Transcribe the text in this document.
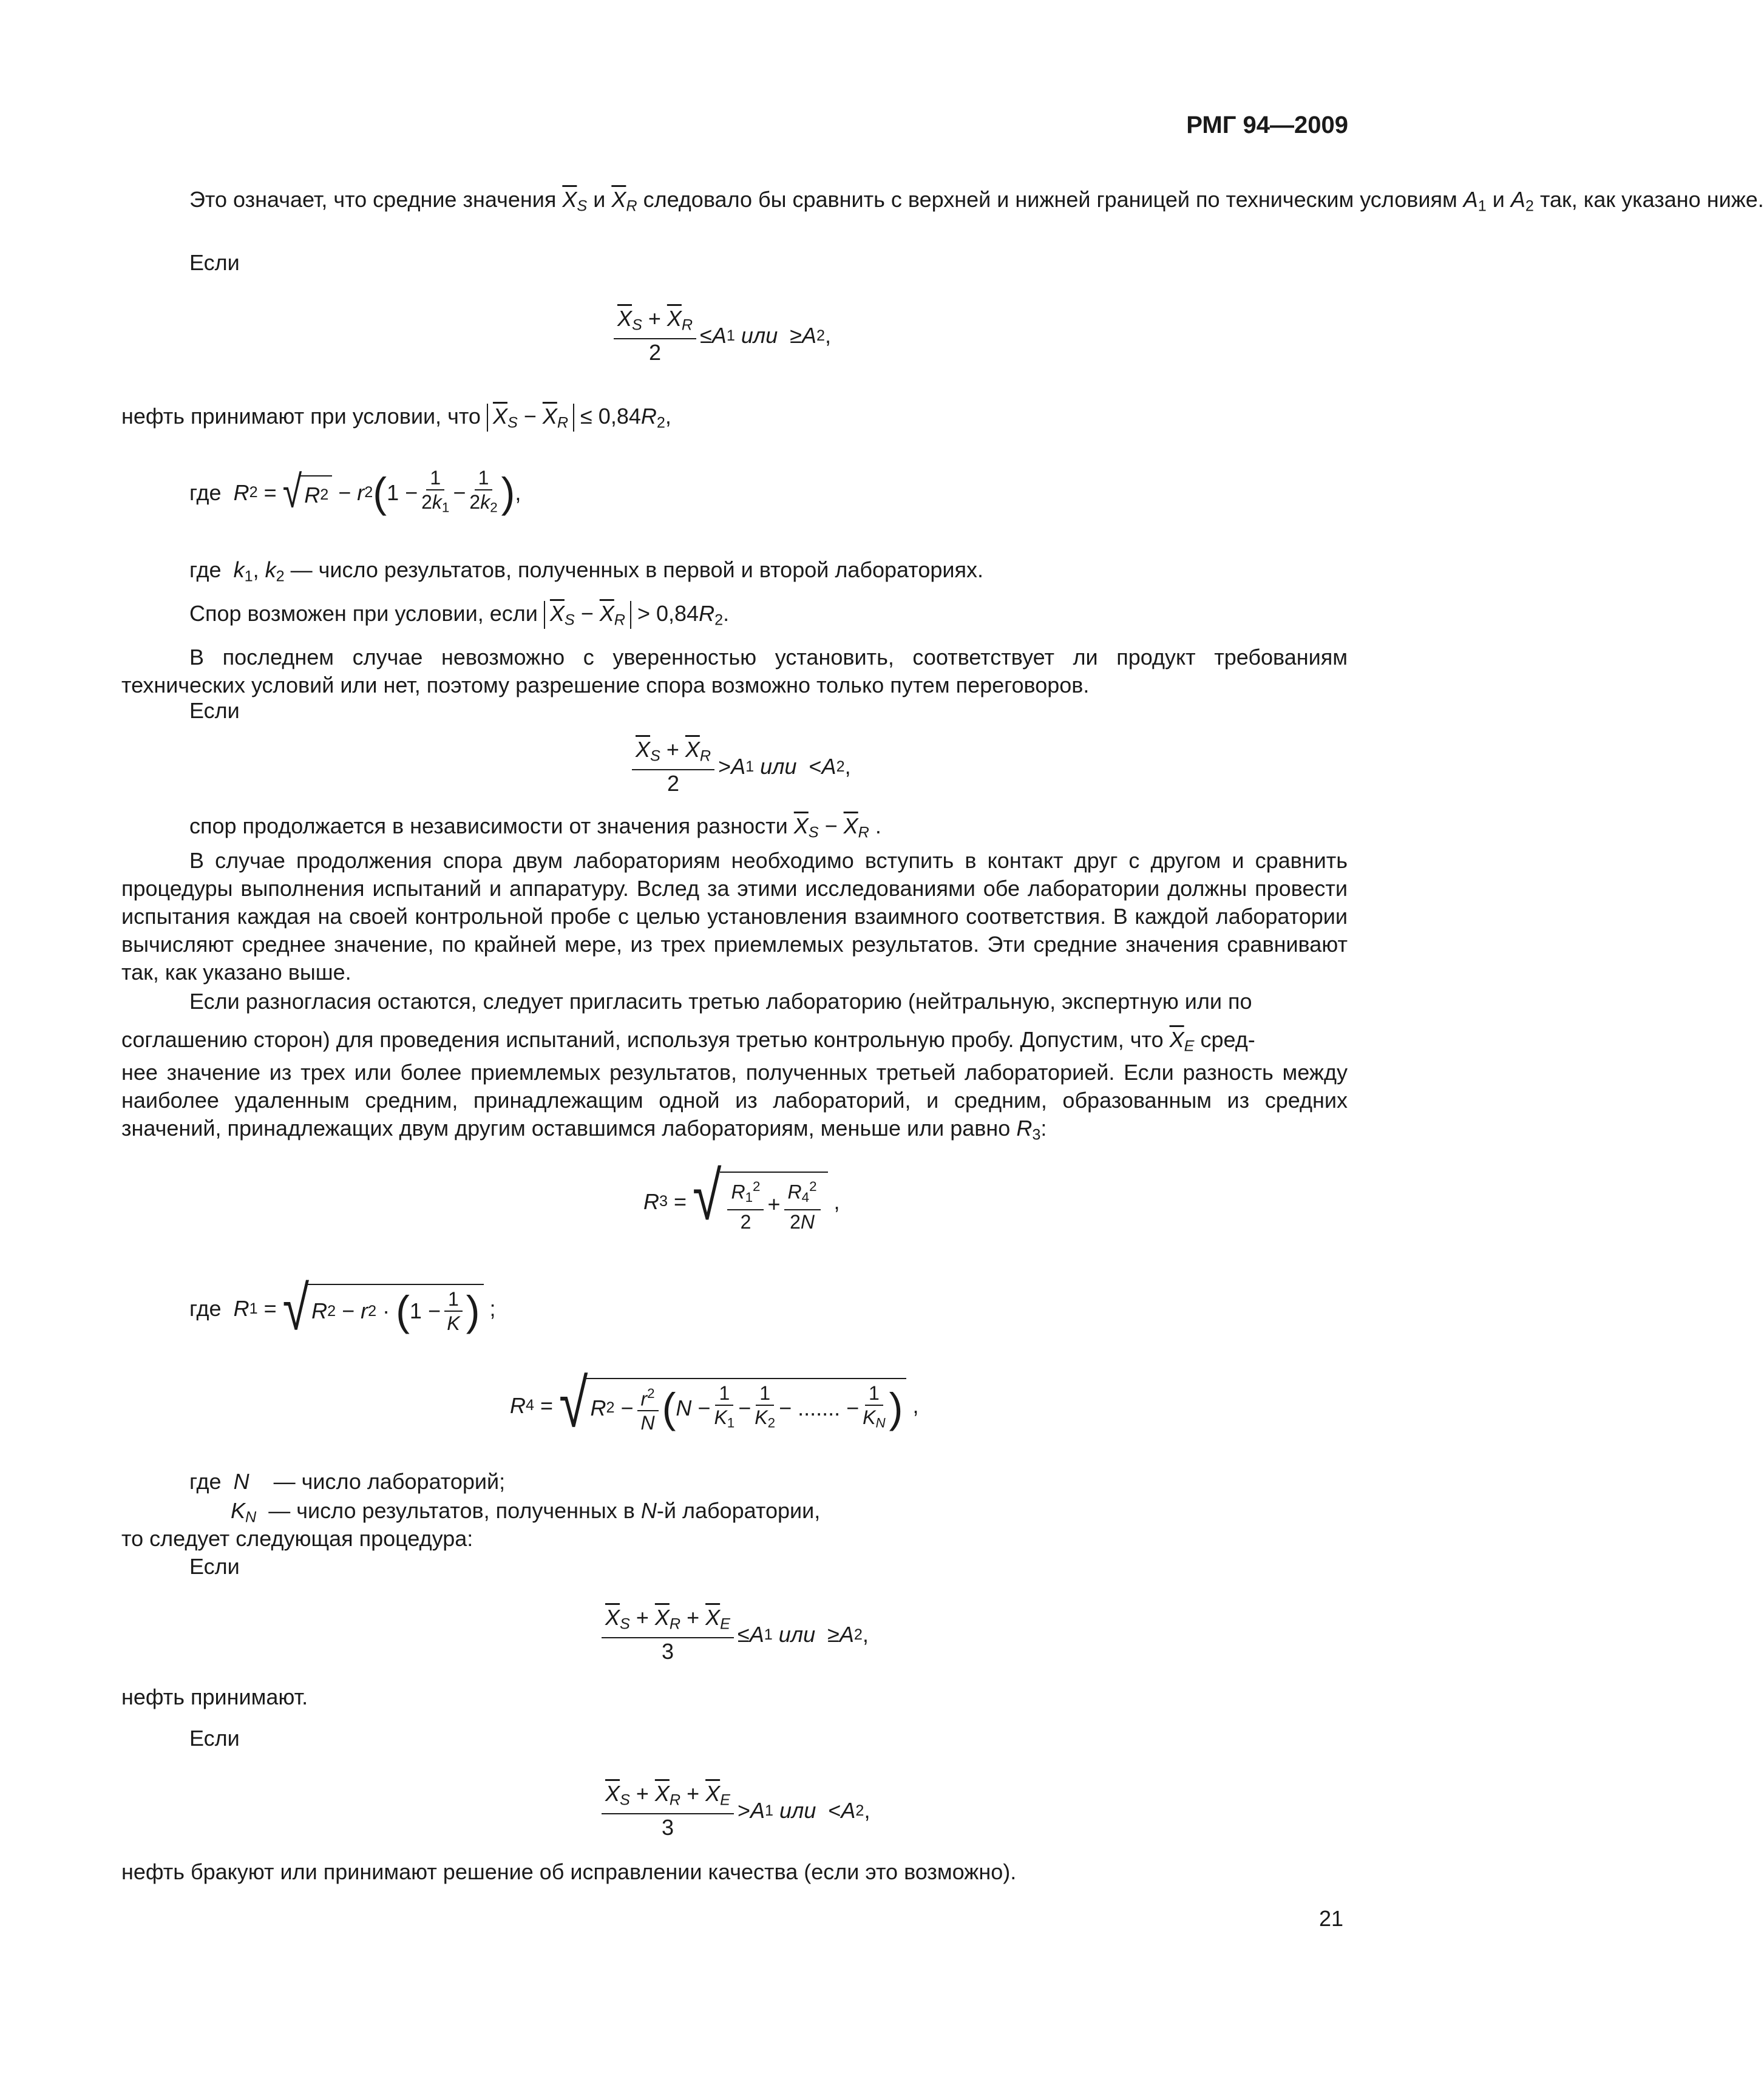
РМГ 94—2009
Это означает, что средние значения $\overline{X}_S$ и $\overline{X}_R$ следовало бы сравнить с верхней и нижней границей по техническим условиям $A_1$ и $A_2$ так, как указано ниже.
Если
$\frac{\overline{X}_S + \overline{X}_R}{2} \le A$ 1
или ≥ A 2 ,
нефть принимают при условии, что $\overline{X}_S - \overline{X}_R \le 0,84R_2$,
где
R 2 = √ R 2 − r 2 ( $1 - \frac{1}{2k_1} - \frac{1}{2k_2}$ ) ,
где $k_1$, $k_2$ — число результатов, полученных в первой и второй лабораториях.
Спор возможен при условии, если $\overline{X}_S - \overline{X}_R > 0,84R_2$.
В последнем случае невозможно с уверенностью установить, соответствует ли продукт требованиям технических условий или нет, поэтому разрешение спора возможно только путем переговоров.
Если
$\frac{\overline{X}_S + \overline{X}_R}{2} > A$ 1
или < A 2 ,
спор продолжается в независимости от значения разности $\overline{X}_S - \overline{X}_R$ .
В случае продолжения спора двум лабораториям необходимо вступить в контакт друг с другом и сравнить процедуры выполнения испытаний и аппаратуру. Вслед за этими исследованиями обе лаборатории должны провести испытания каждая на своей контрольной пробе с целью установления взаимного соответствия. В каждой лаборатории вычисляют среднее значение, по крайней мере, из трех приемлемых результатов. Эти средние значения сравнивают так, как указано выше.
Если разногласия остаются, следует пригласить третью лабораторию (нейтральную, экспертную или по
соглашению сторон) для проведения испытаний, используя третью контрольную пробу. Допустим, что $\overline{X}_E$ сред-
нее значение из трех или более приемлемых результатов, полученных третьей лабораторией. Если разность между наиболее удаленным средним, принадлежащим одной из лабораторий, и средним, образованным из средних значений, принадлежащих двум другим оставшимся лабораториям, меньше или равно $R_3$:
R 3 = √ $\frac{R_1^2}{2} + \frac{R_4^2}{2N}$ ,
где
R 1 = √ R 2 − r 2 · ( $1 - \frac{1}{K}$ ) ;
R 4 = √ R $2 - \frac{r^2}{N}$ ( $N - \frac{1}{K_1} - \frac{1}{K_2}$ − ....... − $\frac{1}{K_N}$ ) ,
где N — число лабораторий;
$K_N$ — число результатов, полученных в N-й лаборатории,
то следует следующая процедура:
Если
$\frac{\overline{X}_S + \overline{X}_R + \overline{X}_E}{3} \le A$ 1
или ≥ A 2 ,
нефть принимают.
Если
$\frac{\overline{X}_S + \overline{X}_R + \overline{X}_E}{3} > A$ 1
или < A 2 ,
нефть бракуют или принимают решение об исправлении качества (если это возможно).
21
